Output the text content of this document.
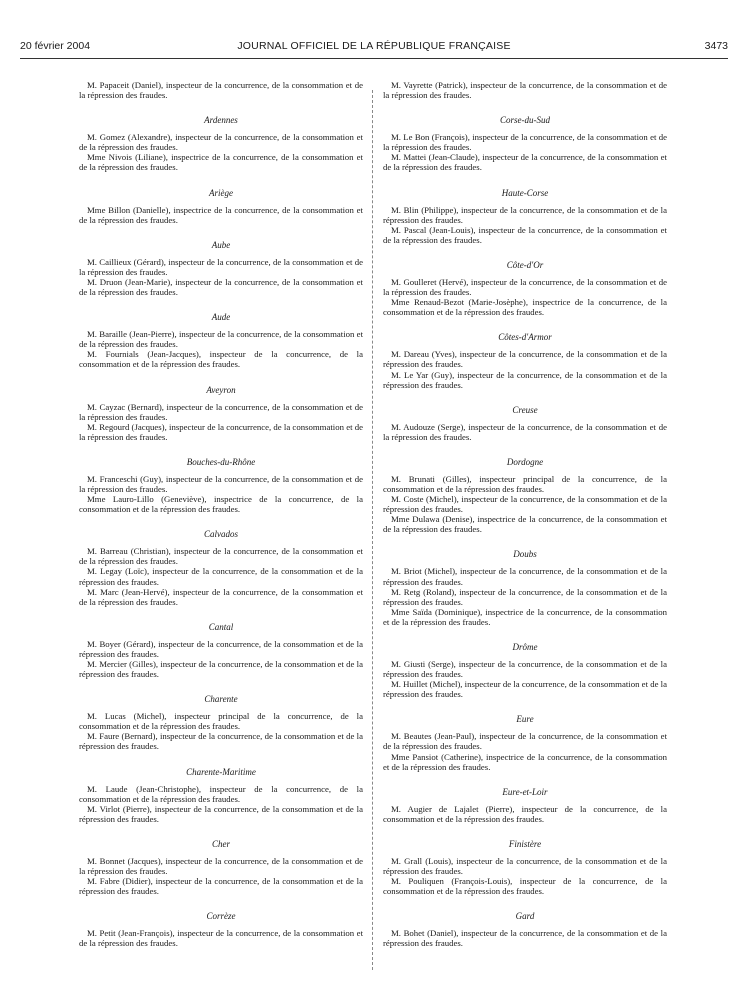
20 février 2004	JOURNAL OFFICIEL DE LA RÉPUBLIQUE FRANÇAISE	3473

M. Papaceit (Daniel), inspecteur de la concurrence, de la consommation et de la répression des fraudes.

Ardennes

M. Gomez (Alexandre), inspecteur de la concurrence, de la consommation et de la répression des fraudes.

Mme Nivois (Liliane), inspectrice de la concurrence, de la consommation et de la répression des fraudes.

Ariège

Mme Billon (Danielle), inspectrice de la concurrence, de la consommation et de la répression des fraudes.

Aube

M. Caillieux (Gérard), inspecteur de la concurrence, de la consommation et de la répression des fraudes.

M. Druon (Jean-Marie), inspecteur de la concurrence, de la consommation et de la répression des fraudes.

Aude

M. Baraille (Jean-Pierre), inspecteur de la concurrence, de la consommation et de la répression des fraudes.

M. Fournials (Jean-Jacques), inspecteur de la concurrence, de la consommation et de la répression des fraudes.

Aveyron

M. Cayzac (Bernard), inspecteur de la concurrence, de la consommation et de la répression des fraudes.

M. Regourd (Jacques), inspecteur de la concurrence, de la consommation et de la répression des fraudes.

Bouches-du-Rhône

M. Franceschi (Guy), inspecteur de la concurrence, de la consommation et de la répression des fraudes.

Mme Lauro-Lillo (Geneviève), inspectrice de la concurrence, de la consommation et de la répression des fraudes.

Calvados

M. Barreau (Christian), inspecteur de la concurrence, de la consommation et de la répression des fraudes.

M. Legay (Loïc), inspecteur de la concurrence, de la consommation et de la répression des fraudes.

M. Marc (Jean-Hervé), inspecteur de la concurrence, de la consommation et de la répression des fraudes.

Cantal

M. Boyer (Gérard), inspecteur de la concurrence, de la consommation et de la répression des fraudes.

M. Mercier (Gilles), inspecteur de la concurrence, de la consommation et de la répression des fraudes.

Charente

M. Lucas (Michel), inspecteur principal de la concurrence, de la consommation et de la répression des fraudes.

M. Faure (Bernard), inspecteur de la concurrence, de la consommation et de la répression des fraudes.

Charente-Maritime

M. Laude (Jean-Christophe), inspecteur de la concurrence, de la consommation et de la répression des fraudes.

M. Virlot (Pierre), inspecteur de la concurrence, de la consommation et de la répression des fraudes.

Cher

M. Bonnet (Jacques), inspecteur de la concurrence, de la consommation et de la répression des fraudes.

M. Fabre (Didier), inspecteur de la concurrence, de la consommation et de la répression des fraudes.

Corrèze

M. Petit (Jean-François), inspecteur de la concurrence, de la consommation et de la répression des fraudes.

M. Vayrette (Patrick), inspecteur de la concurrence, de la consommation et de la répression des fraudes.

Corse-du-Sud

M. Le Bon (François), inspecteur de la concurrence, de la consommation et de la répression des fraudes.

M. Mattei (Jean-Claude), inspecteur de la concurrence, de la consommation et de la répression des fraudes.

Haute-Corse

M. Blin (Philippe), inspecteur de la concurrence, de la consommation et de la répression des fraudes.

M. Pascal (Jean-Louis), inspecteur de la concurrence, de la consommation et de la répression des fraudes.

Côte-d'Or

M. Goulleret (Hervé), inspecteur de la concurrence, de la consommation et de la répression des fraudes.

Mme Renaud-Bezot (Marie-Josèphe), inspectrice de la concurrence, de la consommation et de la répression des fraudes.

Côtes-d'Armor

M. Dareau (Yves), inspecteur de la concurrence, de la consommation et de la répression des fraudes.

M. Le Yar (Guy), inspecteur de la concurrence, de la consommation et de la répression des fraudes.

Creuse

M. Audouze (Serge), inspecteur de la concurrence, de la consommation et de la répression des fraudes.

Dordogne

M. Brunati (Gilles), inspecteur principal de la concurrence, de la consommation et de la répression des fraudes.

M. Coste (Michel), inspecteur de la concurrence, de la consommation et de la répression des fraudes.

Mme Dulawa (Denise), inspectrice de la concurrence, de la consommation et de la répression des fraudes.

Doubs

M. Briot (Michel), inspecteur de la concurrence, de la consommation et de la répression des fraudes.

M. Retg (Roland), inspecteur de la concurrence, de la consommation et de la répression des fraudes.

Mme Saïda (Dominique), inspectrice de la concurrence, de la consommation et de la répression des fraudes.

Drôme

M. Giusti (Serge), inspecteur de la concurrence, de la consommation et de la répression des fraudes.

M. Huillet (Michel), inspecteur de la concurrence, de la consommation et de la répression des fraudes.

Eure

M. Beautes (Jean-Paul), inspecteur de la concurrence, de la consommation et de la répression des fraudes.

Mme Pansiot (Catherine), inspectrice de la concurrence, de la consommation et de la répression des fraudes.

Eure-et-Loir

M. Augier de Lajalet (Pierre), inspecteur de la concurrence, de la consommation et de la répression des fraudes.

Finistère

M. Grall (Louis), inspecteur de la concurrence, de la consommation et de la répression des fraudes.

M. Pouliquen (François-Louis), inspecteur de la concurrence, de la consommation et de la répression des fraudes.

Gard

M. Bohet (Daniel), inspecteur de la concurrence, de la consommation et de la répression des fraudes.
